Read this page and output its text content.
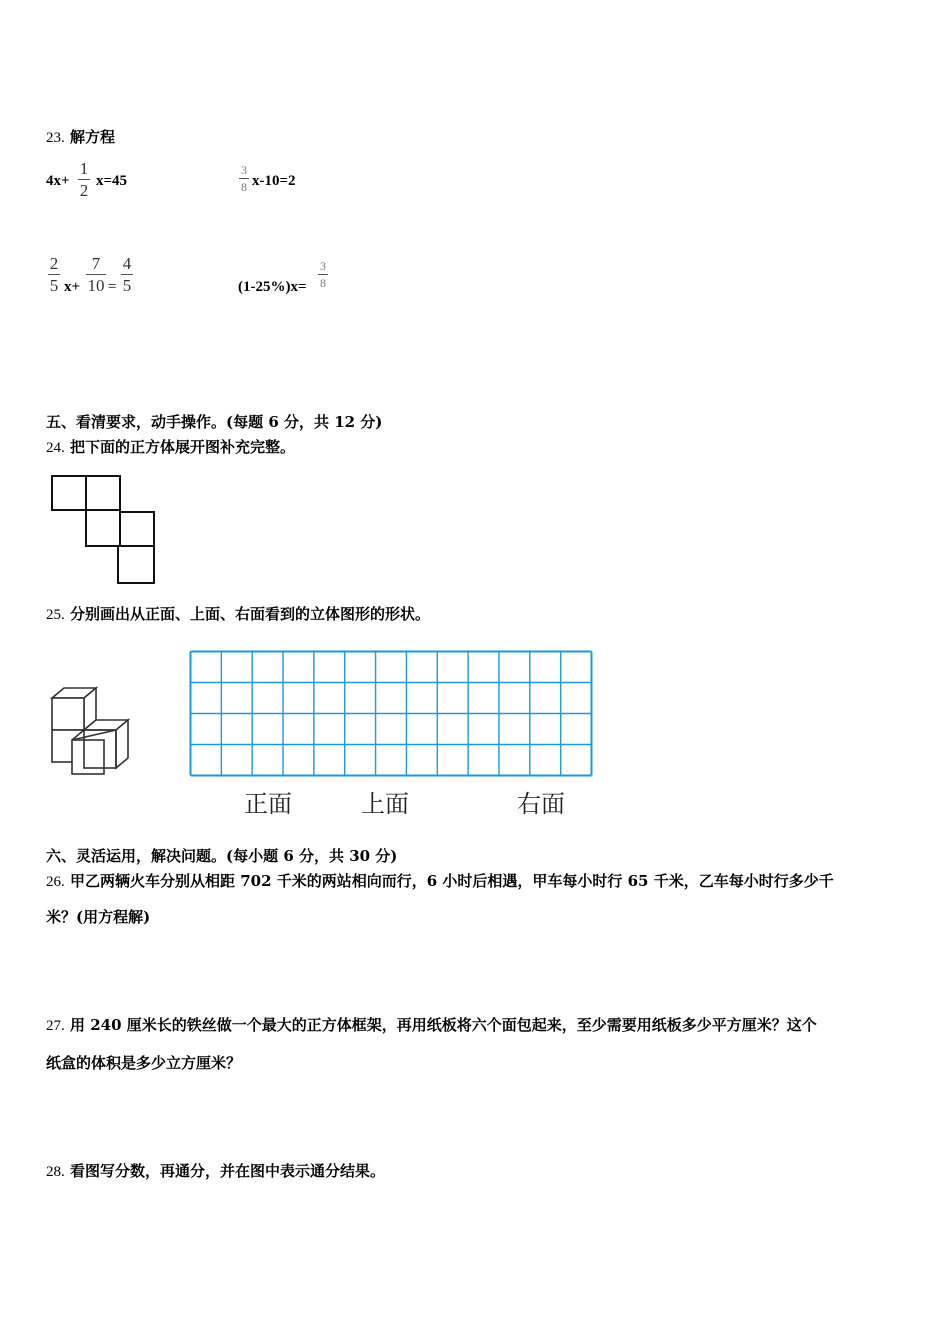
23. 解方程
4x+
1
2 x=45
3
8 x-10=2
2
5 x+
7
10 =
4
5	(1-25%)x=
3
8
五、看清要求，动手操作。(每题 6 分，共 12 分)
24. 把下面的正方体展开图补充完整。
25. 分别画出从正面、上面、右面看到的立体图形的形状。
正面	上面	右面
六、灵活运用，解决问题。(每小题 6 分，共 30 分)
26. 甲乙两辆火车分别从相距 702 千米的两站相向而行，6 小时后相遇，甲车每小时行 65 千米，乙车每小时行多少千
米？(用方程解)
27. 用 240 厘米长的铁丝做一个最大的正方体框架，再用纸板将六个面包起来，至少需要用纸板多少平方厘米？这个
纸盒的体积是多少立方厘米？
28. 看图写分数，再通分，并在图中表示通分结果。
